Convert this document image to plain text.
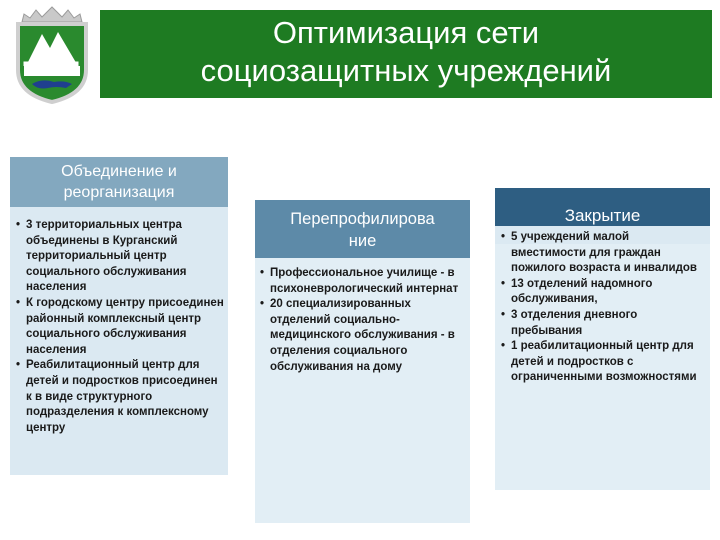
Оптимизация сети
социозащитных учреждений
Объединение и
реорганизация
• 3 территориальных центра объединены в Курганский территориальный центр социального обслуживания населения
• К городскому центру присоединен районный комплексный центр социального обслуживания населения
• Реабилитационный центр для детей и подростков присоединен к в виде структурного подразделения к комплексному центру
Перепрофилирова
ние
• Профессиональное училище - в психоневрологический интернат
• 20 специализированных отделений социально-медицинского обслуживания - в отделения социального обслуживания на дому
Закрытие
• 5 учреждений малой вместимости для граждан пожилого возраста и инвалидов
• 13 отделений надомного обслуживания,
• 3 отделения дневного пребывания
• 1 реабилитационный центр для детей и подростков с ограниченными возможностями
